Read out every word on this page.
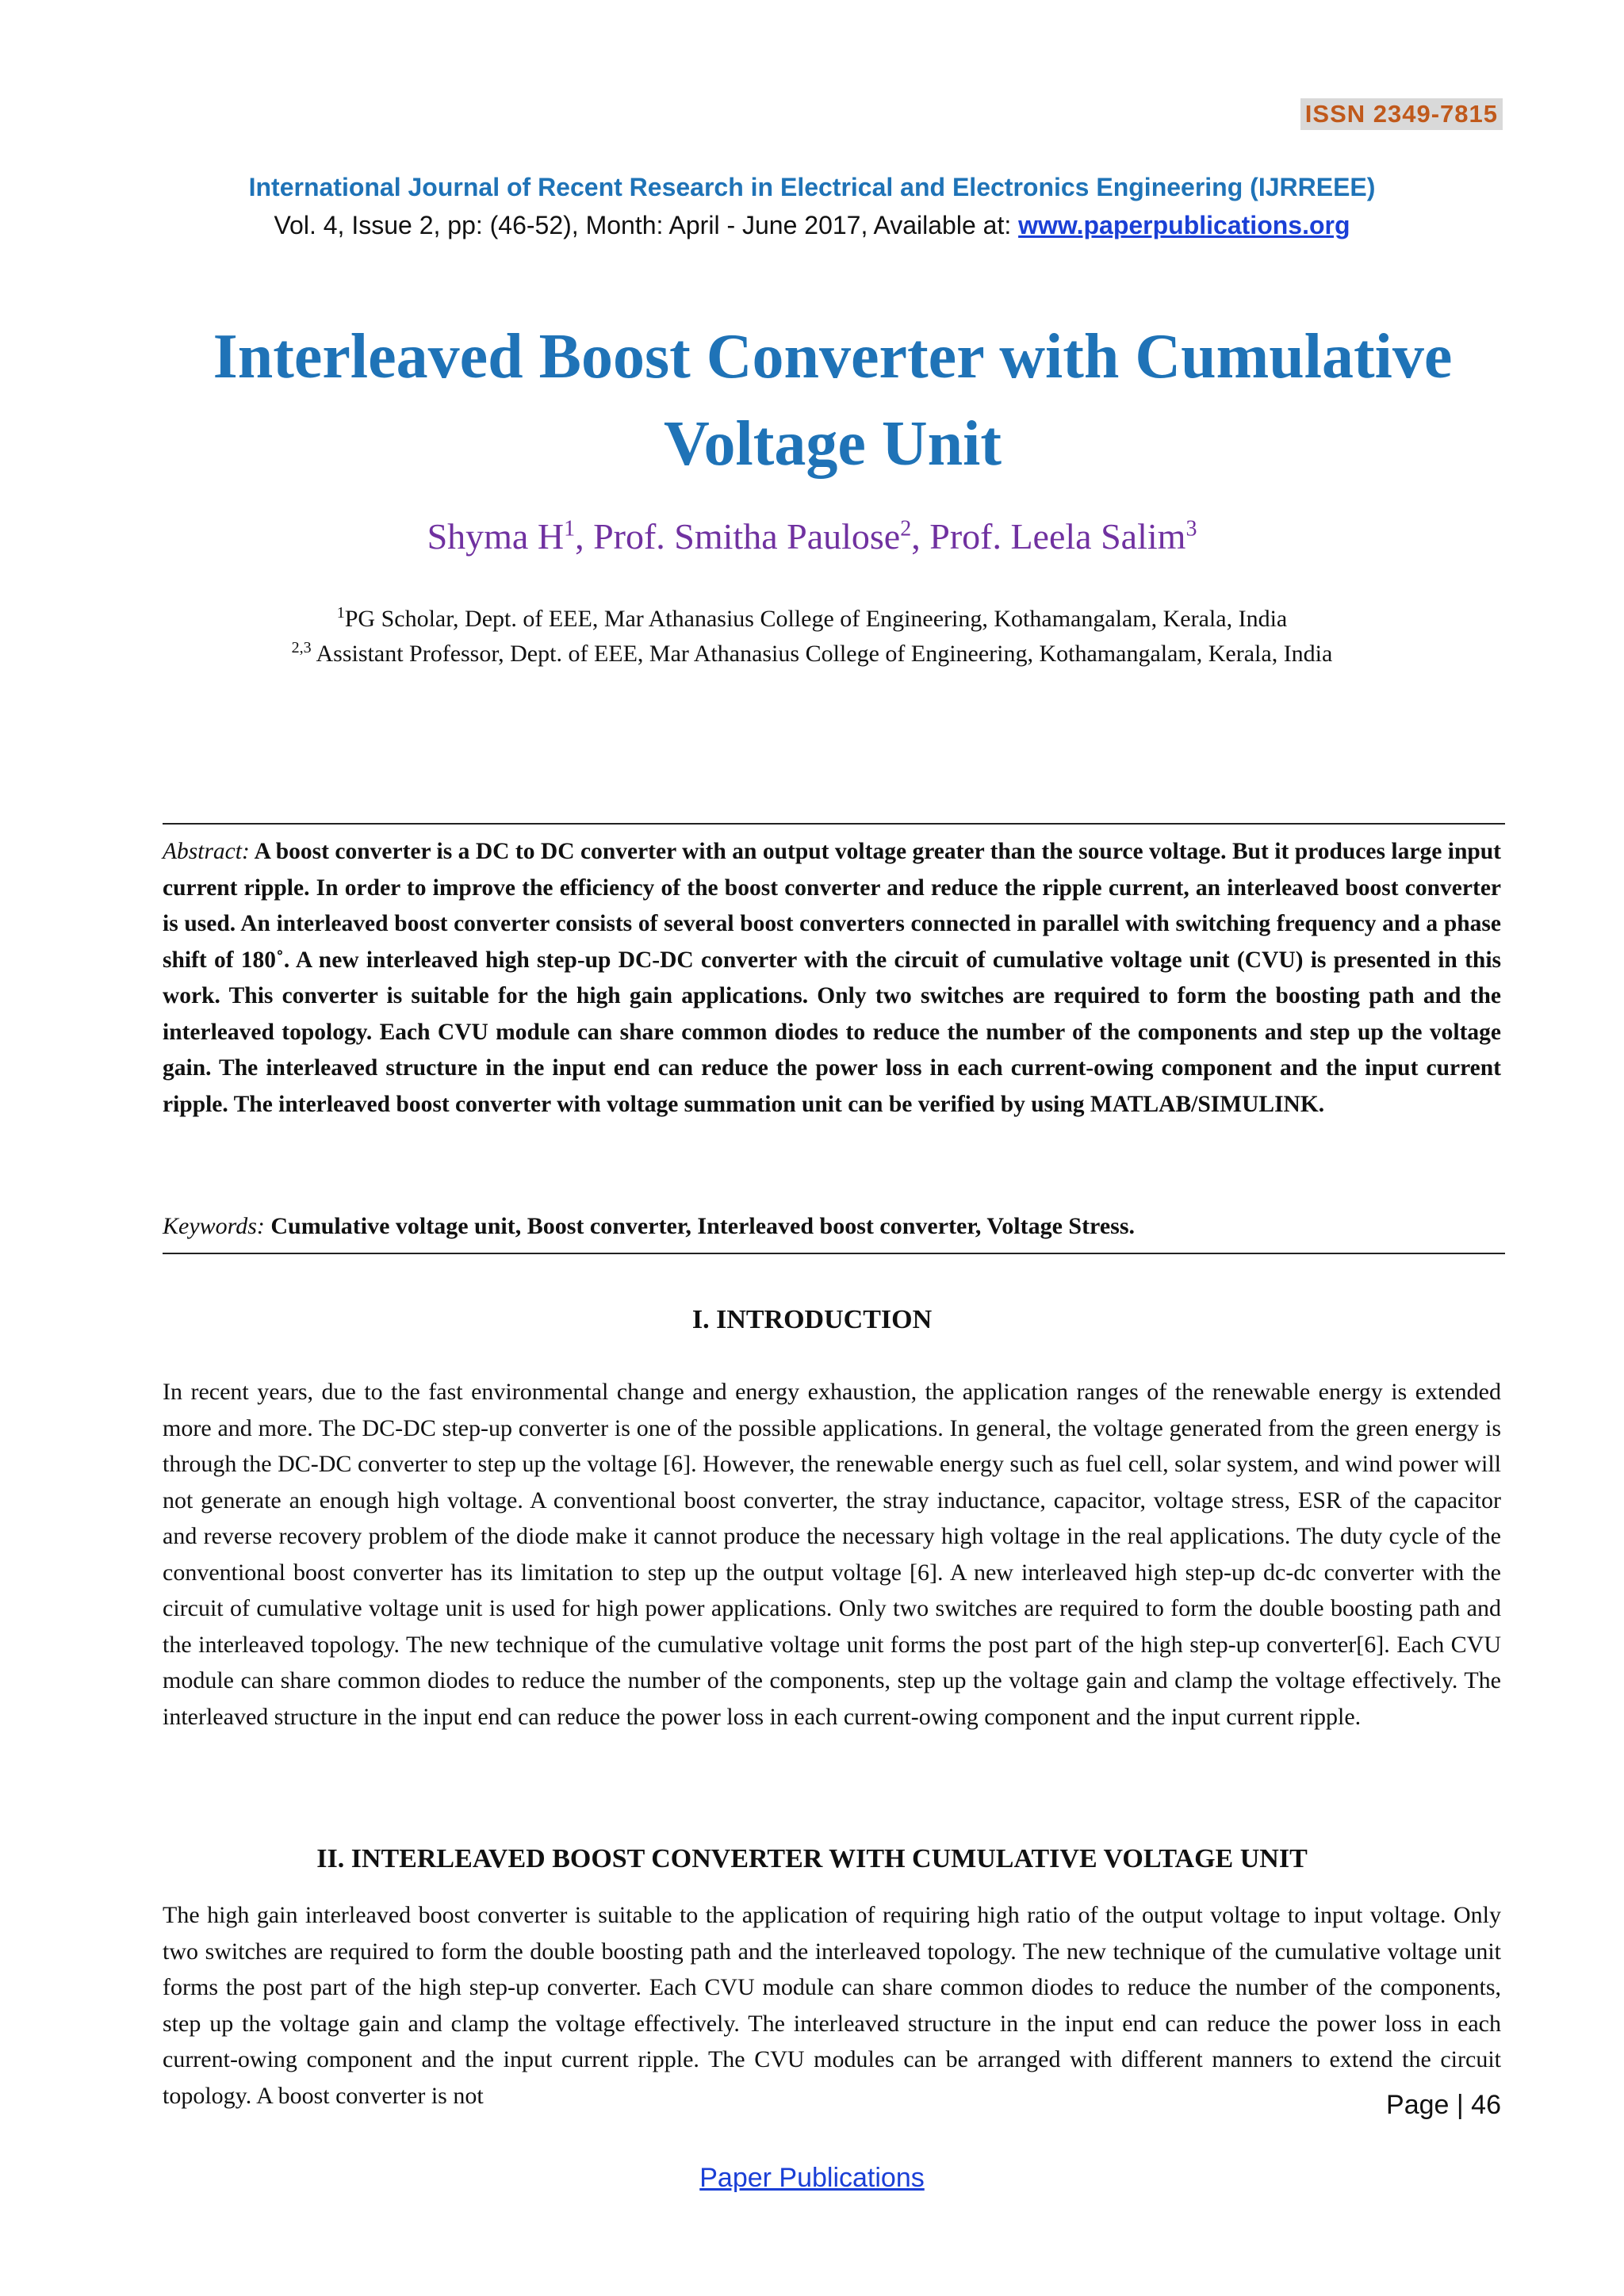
ISSN 2349-7815
International Journal of Recent Research in Electrical and Electronics Engineering (IJRREEE)
Vol. 4, Issue 2, pp: (46-52), Month: April - June 2017, Available at: www.paperpublications.org
Interleaved Boost Converter with Cumulative
Voltage Unit
Shyma $H^1$, Prof. Smitha Paulose$^2$, Prof. Leela Salim$^3$
$^1$PG Scholar, Dept. of EEE, Mar Athanasius College of Engineering, Kothamangalam, Kerala, India
$^{2,3}$ Assistant Professor, Dept. of EEE, Mar Athanasius College of Engineering, Kothamangalam, Kerala, India
Abstract: A boost converter is a DC to DC converter with an output voltage greater than the source voltage. But it produces large input current ripple. In order to improve the efficiency of the boost converter and reduce the ripple current, an interleaved boost converter is used. An interleaved boost converter consists of several boost converters connected in parallel with switching frequency and a phase shift of 180˚. A new interleaved high step-up DC-DC converter with the circuit of cumulative voltage unit (CVU) is presented in this work. This converter is suitable for the high gain applications. Only two switches are required to form the boosting path and the interleaved topology. Each CVU module can share common diodes to reduce the number of the components and step up the voltage gain. The interleaved structure in the input end can reduce the power loss in each current-owing component and the input current ripple. The interleaved boost converter with voltage summation unit can be verified by using MATLAB/SIMULINK.
Keywords: Cumulative voltage unit, Boost converter, Interleaved boost converter, Voltage Stress.
I. INTRODUCTION
In recent years, due to the fast environmental change and energy exhaustion, the application ranges of the renewable energy is extended more and more. The DC-DC step-up converter is one of the possible applications. In general, the voltage generated from the green energy is through the DC-DC converter to step up the voltage [6]. However, the renewable energy such as fuel cell, solar system, and wind power will not generate an enough high voltage. A conventional boost converter, the stray inductance, capacitor, voltage stress, ESR of the capacitor and reverse recovery problem of the diode make it cannot produce the necessary high voltage in the real applications. The duty cycle of the conventional boost converter has its limitation to step up the output voltage [6]. A new interleaved high step-up dc-dc converter with the circuit of cumulative voltage unit is used for high power applications. Only two switches are required to form the double boosting path and the interleaved topology. The new technique of the cumulative voltage unit forms the post part of the high step-up converter[6]. Each CVU module can share common diodes to reduce the number of the components, step up the voltage gain and clamp the voltage effectively. The interleaved structure in the input end can reduce the power loss in each current-owing component and the input current ripple.
II. INTERLEAVED BOOST CONVERTER WITH CUMULATIVE VOLTAGE UNIT
The high gain interleaved boost converter is suitable to the application of requiring high ratio of the output voltage to input voltage. Only two switches are required to form the double boosting path and the interleaved topology. The new technique of the cumulative voltage unit forms the post part of the high step-up converter. Each CVU module can share common diodes to reduce the number of the components, step up the voltage gain and clamp the voltage effectively. The interleaved structure in the input end can reduce the power loss in each current-owing component and the input current ripple. The CVU modules can be arranged with different manners to extend the circuit topology. A boost converter is not	Page | 46
Paper Publications
